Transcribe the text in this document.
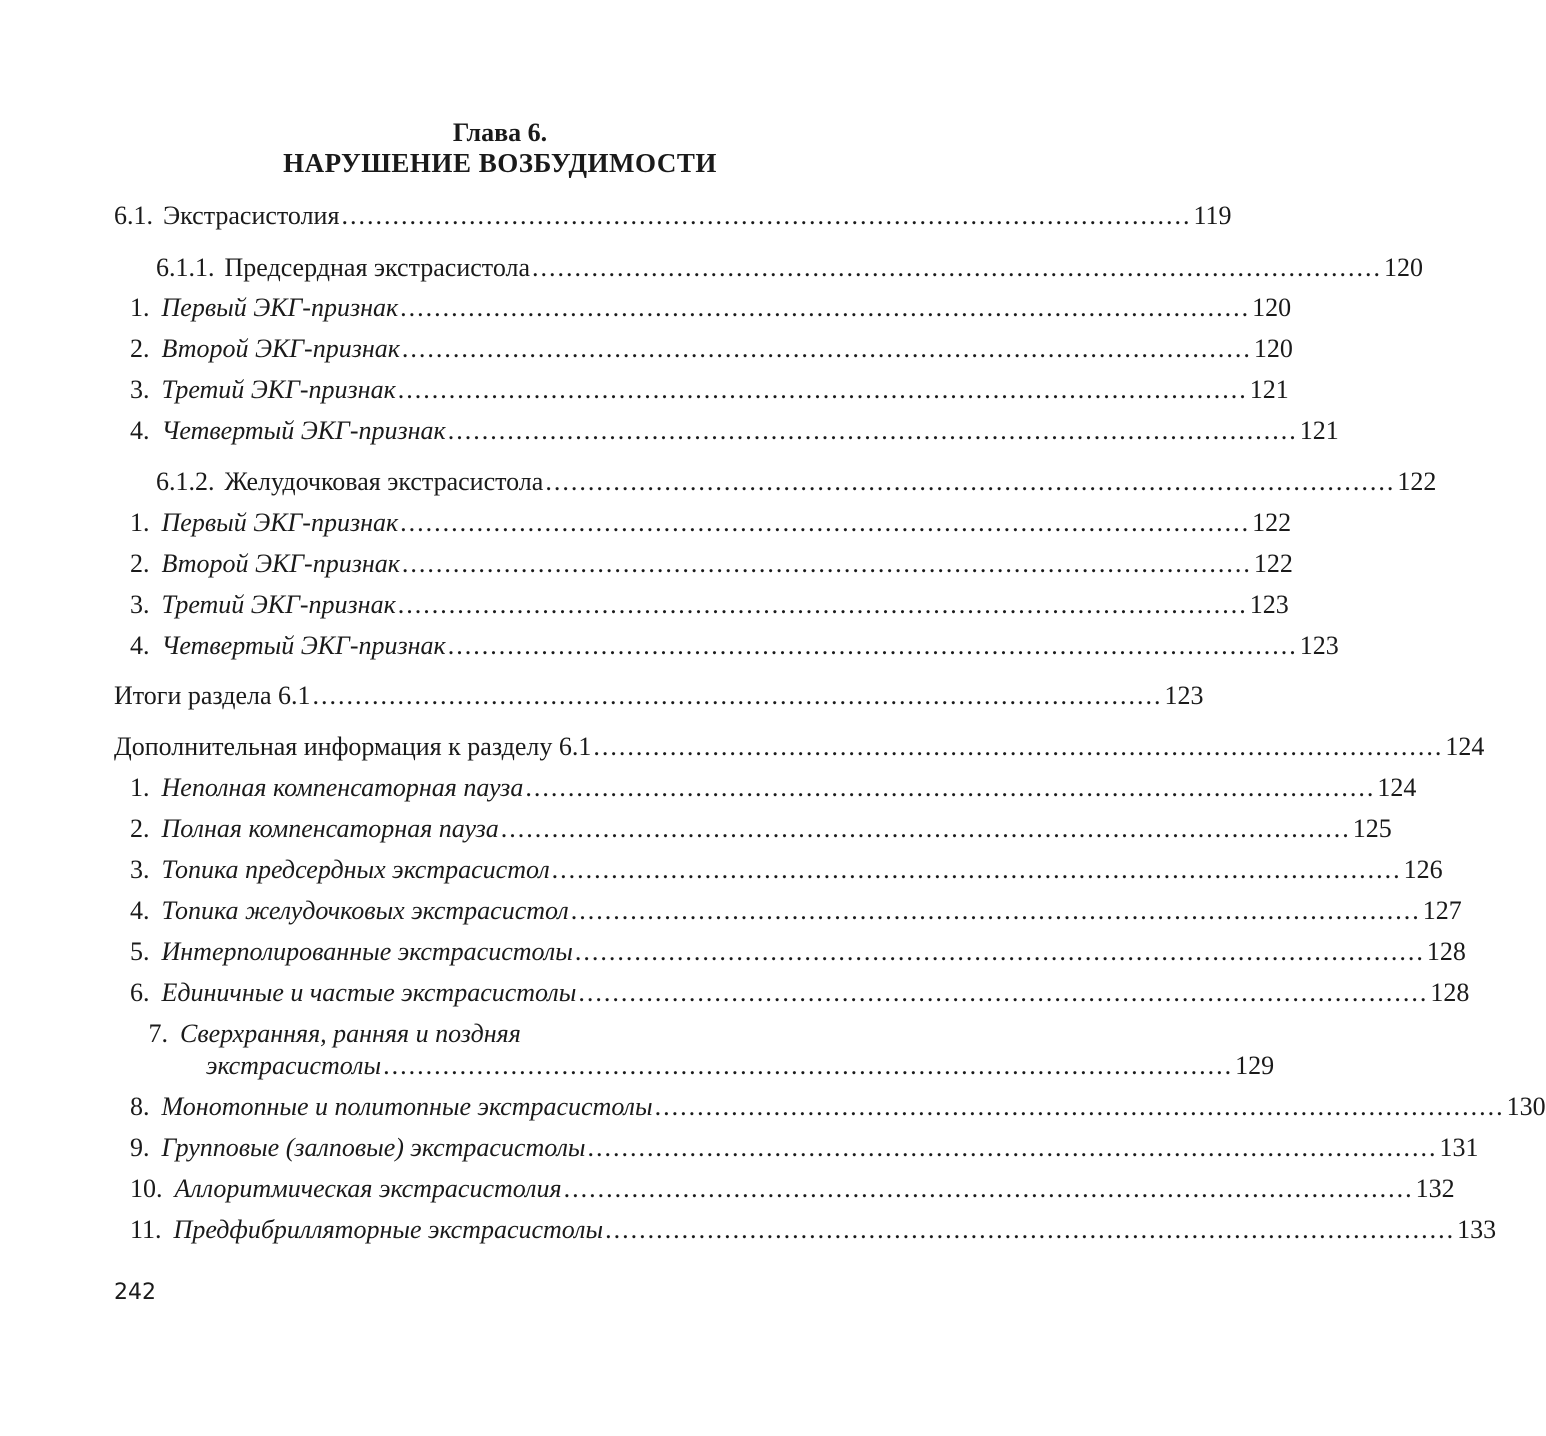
Глава 6.
НАРУШЕНИЕ ВОЗБУДИМОСТИ
6.1. Экстрасистолия .................................................................................................... 119
6.1.1. Предсердная экстрасистола .................................................................................................... 120
1. Первый ЭКГ-признак .................................................................................................... 120
2. Второй ЭКГ-признак .................................................................................................... 120
3. Третий ЭКГ-признак .................................................................................................... 121
4. Четвертый ЭКГ-признак .................................................................................................... 121
6.1.2. Желудочковая экстрасистола .................................................................................................... 122
1. Первый ЭКГ-признак .................................................................................................... 122
2. Второй ЭКГ-признак .................................................................................................... 122
3. Третий ЭКГ-признак .................................................................................................... 123
4. Четвертый ЭКГ-признак .................................................................................................... 123
Итоги раздела 6.1 .................................................................................................... 123
Дополнительная информация к разделу 6.1 .................................................................................................... 124
1. Неполная компенсаторная пауза .................................................................................................... 124
2. Полная компенсаторная пауза .................................................................................................... 125
3. Топика предсердных экстрасистол .................................................................................................... 126
4. Топика желудочковых экстрасистол .................................................................................................... 127
5. Интерполированные экстрасистолы .................................................................................................... 128
6. Единичные и частые экстрасистолы .................................................................................................... 128
7. Сверхранняя, ранняя и поздняя
экстрасистолы .................................................................................................... 129
8. Монотопные и политопные экстрасистолы .................................................................................................... 130
9. Групповые (залповые) экстрасистолы .................................................................................................... 131
10. Аллоритмическая экстрасистолия .................................................................................................... 132
11. Предфибрилляторные экстрасистолы .................................................................................................... 133
242
